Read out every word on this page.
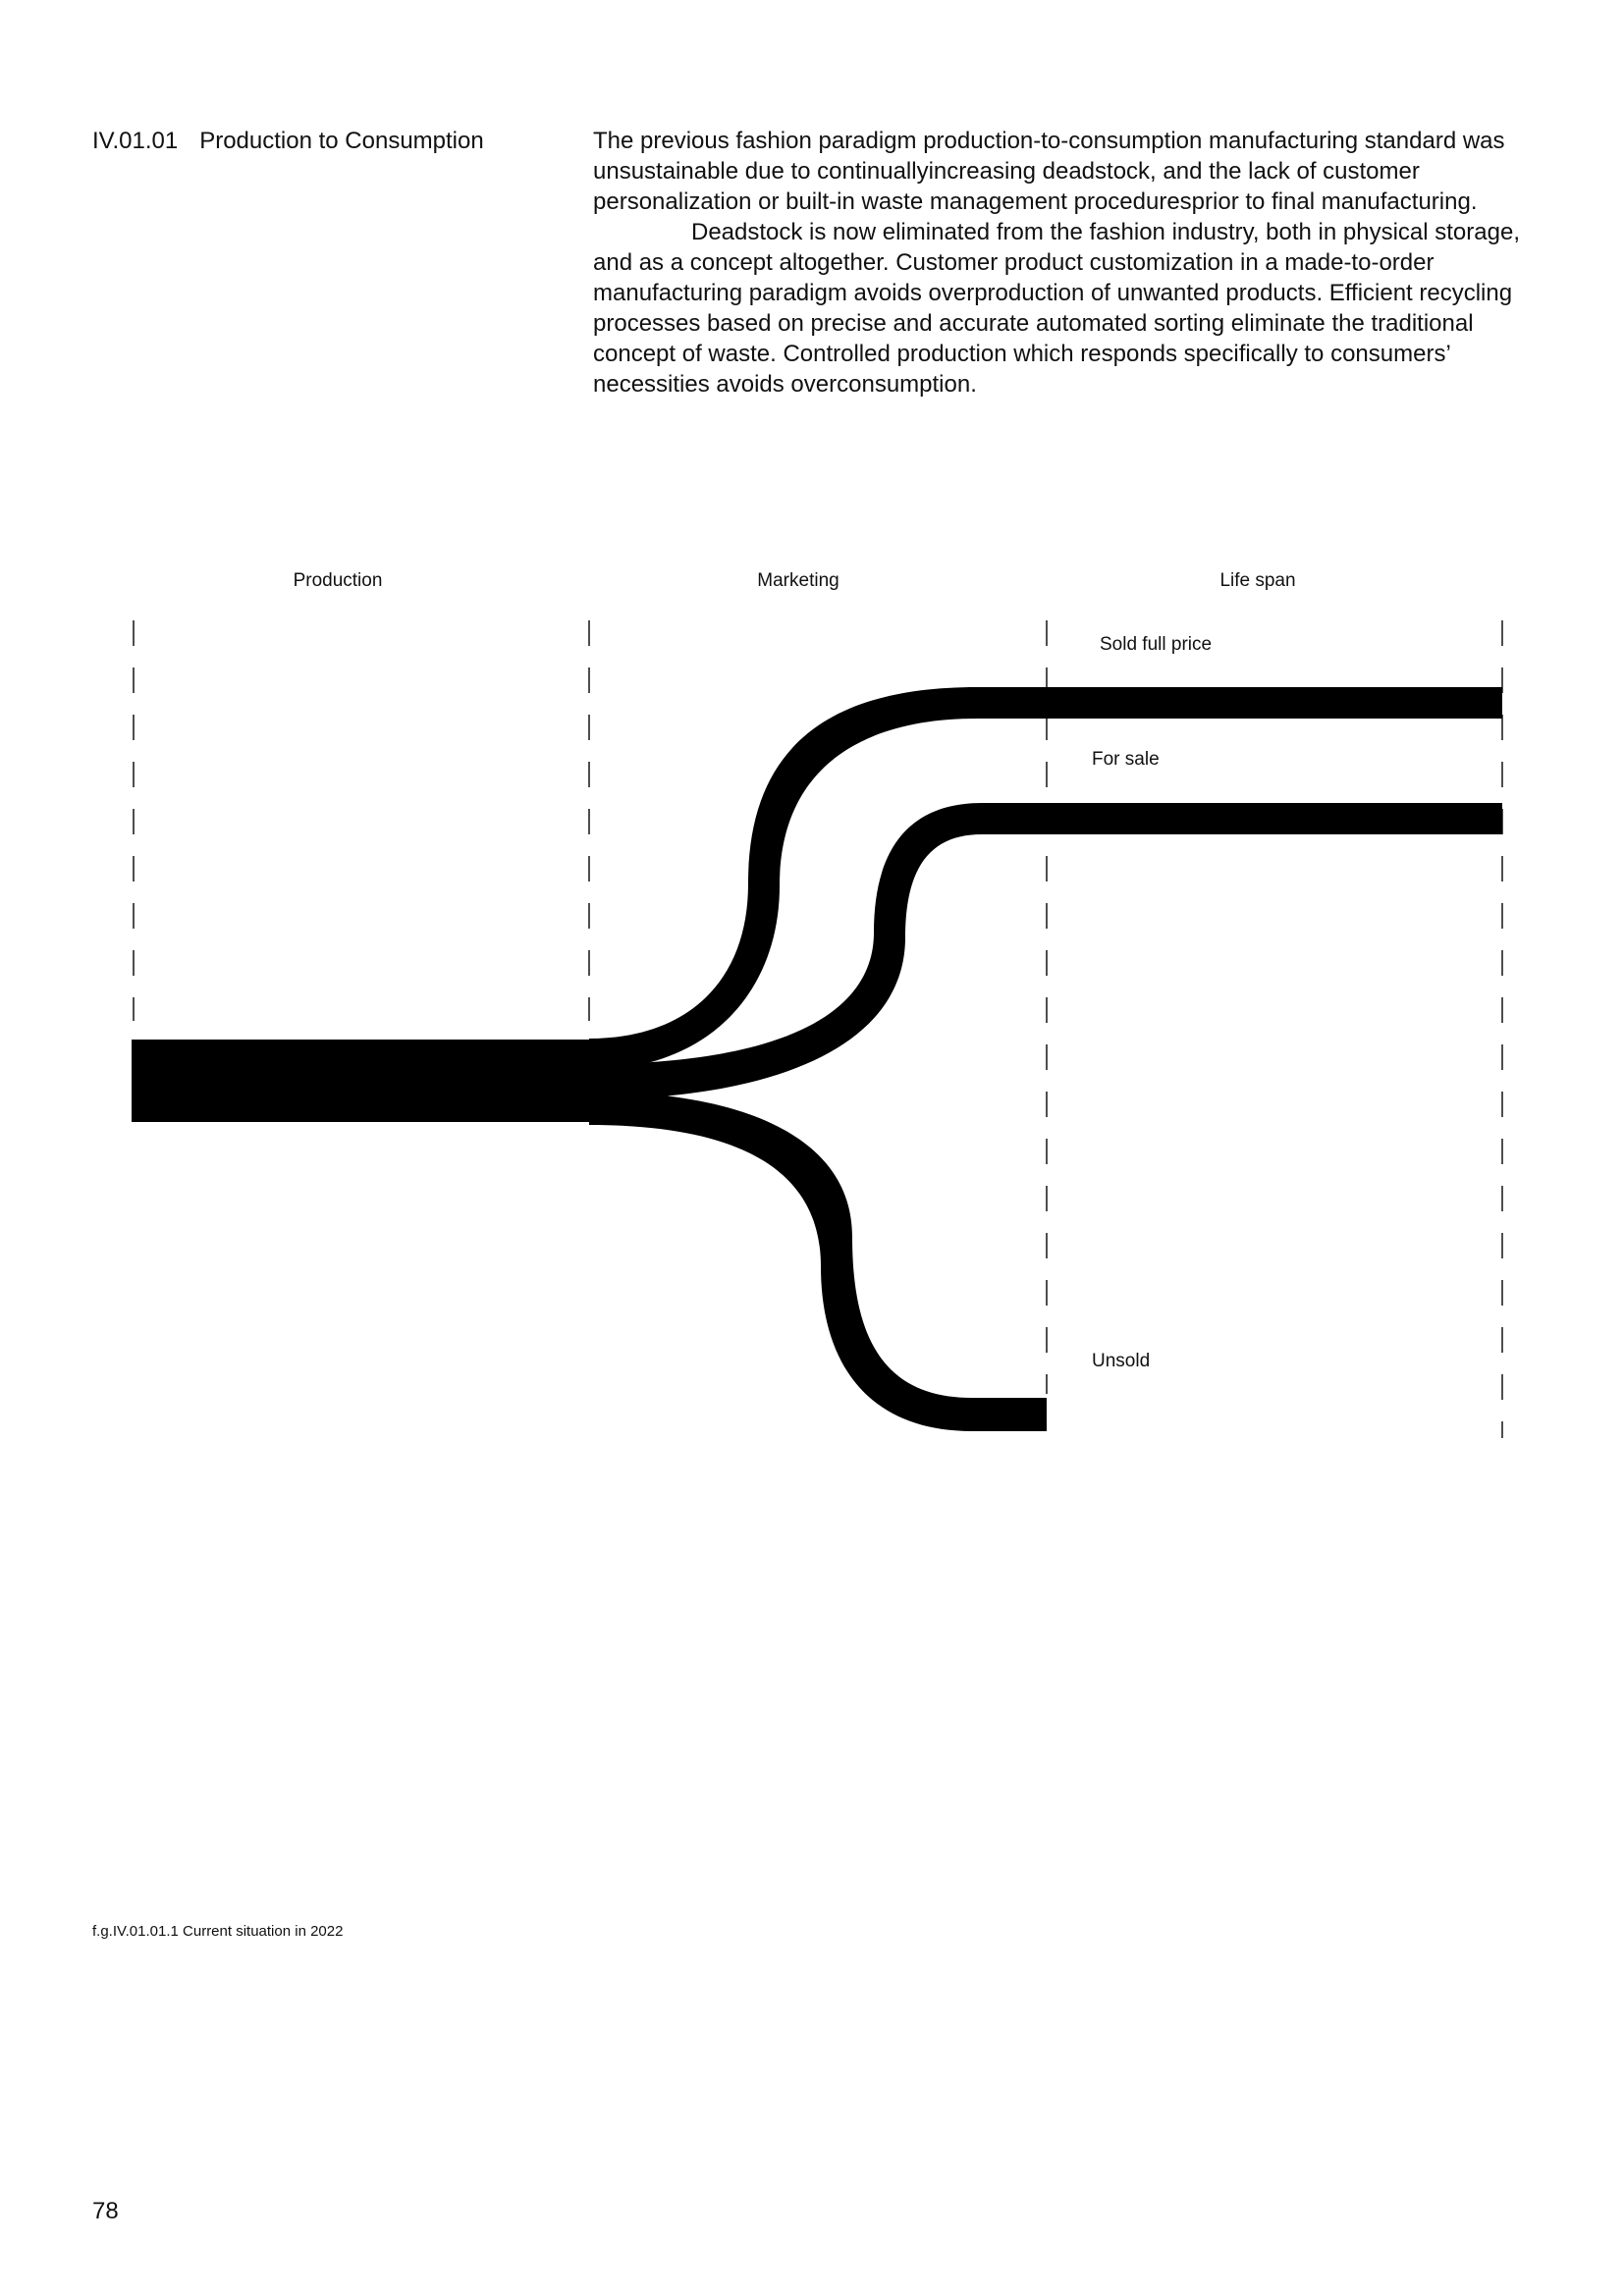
IV.01.01 Production to Consumption	The previous fashion paradigm production-to-consumption manufacturing standard was unsustainable due to continuallyincreasing deadstock, and the lack of customer personalization or built-in waste management proceduresprior to final manufacturing.

Deadstock is now eliminated from the fashion industry, both in physical storage, and as a concept altogether. Customer product customization in a made-to-order manufacturing paradigm avoids overproduction of unwanted products. Efficient recycling processes based on precise and accurate automated sorting eliminate the traditional concept of waste. Controlled production which responds specifically to consumers’ necessities avoids overconsumption.

Production	Marketing	Life span
Sold full price
For sale
Unsold
f.g.IV.01.01.1 Current situation in 2022
78
